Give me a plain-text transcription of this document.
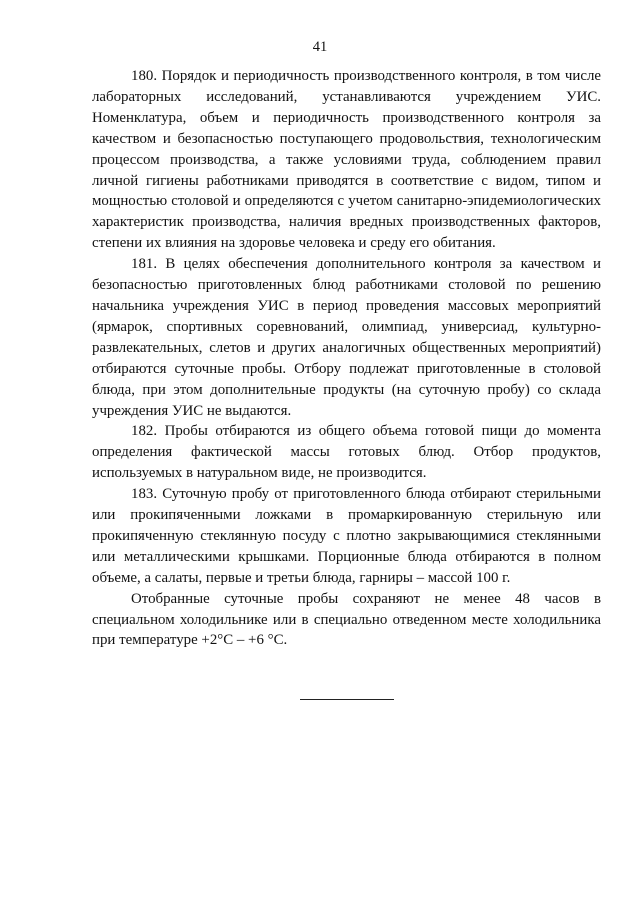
41

180. Порядок и периодичность производственного контроля, в том числе лабораторных исследований, устанавливаются учреждением УИС. Номенклатура, объем и периодичность производственного контроля за качеством и безопасностью поступающего продовольствия, технологическим процессом производства, а также условиями труда, соблюдением правил личной гигиены работниками приводятся в соответствие с видом, типом и мощностью столовой и определяются с учетом санитарно-эпидемиологических характеристик производства, наличия вредных производственных факторов, степени их влияния на здоровье человека и среду его обитания.

181. В целях обеспечения дополнительного контроля за качеством и безопасностью приготовленных блюд работниками столовой по решению начальника учреждения УИС в период проведения массовых мероприятий (ярмарок, спортивных соревнований, олимпиад, универсиад, культурно-развлекательных, слетов и других аналогичных общественных мероприятий) отбираются суточные пробы. Отбору подлежат приготовленные в столовой блюда, при этом дополнительные продукты (на суточную пробу) со склада учреждения УИС не выдаются.

182. Пробы отбираются из общего объема готовой пищи до момента определения фактической массы готовых блюд. Отбор продуктов, используемых в натуральном виде, не производится.

183. Суточную пробу от приготовленного блюда отбирают стерильными или прокипяченными ложками в промаркированную стерильную или прокипяченную стеклянную посуду с плотно закрывающимися стеклянными или металлическими крышками. Порционные блюда отбираются в полном объеме, а салаты, первые и третьи блюда, гарниры – массой 100 г.

Отобранные суточные пробы сохраняют не менее 48 часов в специальном холодильнике или в специально отведенном месте холодильника при температуре +2°C – +6 °C.
